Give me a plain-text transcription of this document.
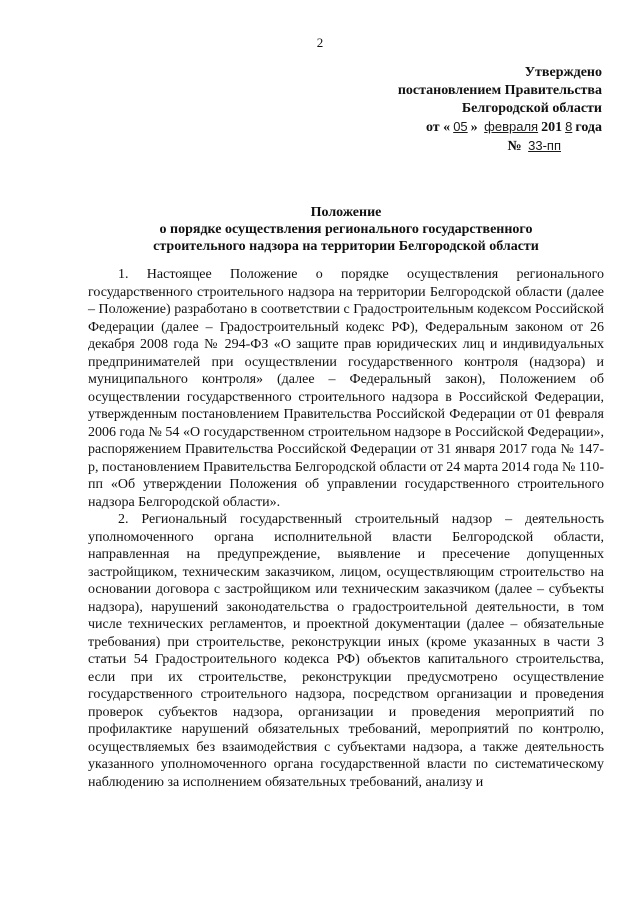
2
Утверждено
постановлением Правительства
Белгородской области
от « 05 » февраля 201 8 года
№ 33-пп
Положение
о порядке осуществления регионального государственного
строительного надзора на территории Белгородской области

1. Настоящее Положение о порядке осуществления регионального государственного строительного надзора на территории Белгородской области (далее – Положение) разработано в соответствии с Градостроительным кодексом Российской Федерации (далее – Градостроительный кодекс РФ), Федеральным законом от 26 декабря 2008 года № 294-ФЗ «О защите прав юридических лиц и индивидуальных предпринимателей при осуществлении государственного контроля (надзора) и муниципального контроля» (далее – Федеральный закон), Положением об осуществлении государственного строительного надзора в Российской Федерации, утвержденным постановлением Правительства Российской Федерации от 01 февраля 2006 года № 54 «О государственном строительном надзоре в Российской Федерации», распоряжением Правительства Российской Федерации от 31 января 2017 года № 147-р, постановлением Правительства Белгородской области от 24 марта 2014 года № 110-пп «Об утверждении Положения об управлении государственного строительного надзора Белгородской области».

2. Региональный государственный строительный надзор – деятельность уполномоченного органа исполнительной власти Белгородской области, направленная на предупреждение, выявление и пресечение допущенных застройщиком, техническим заказчиком, лицом, осуществляющим строительство на основании договора с застройщиком или техническим заказчиком (далее – субъекты надзора), нарушений законодательства о градостроительной деятельности, в том числе технических регламентов, и проектной документации (далее – обязательные требования) при строительстве, реконструкции иных (кроме указанных в части 3 статьи 54 Градостроительного кодекса РФ) объектов капитального строительства, если при их строительстве, реконструкции предусмотрено осуществление государственного строительного надзора, посредством организации и проведения проверок субъектов надзора, организации и проведения мероприятий по профилактике нарушений обязательных требований, мероприятий по контролю, осуществляемых без взаимодействия с субъектами надзора, а также деятельность указанного уполномоченного органа государственной власти по систематическому наблюдению за исполнением обязательных требований, анализу и
